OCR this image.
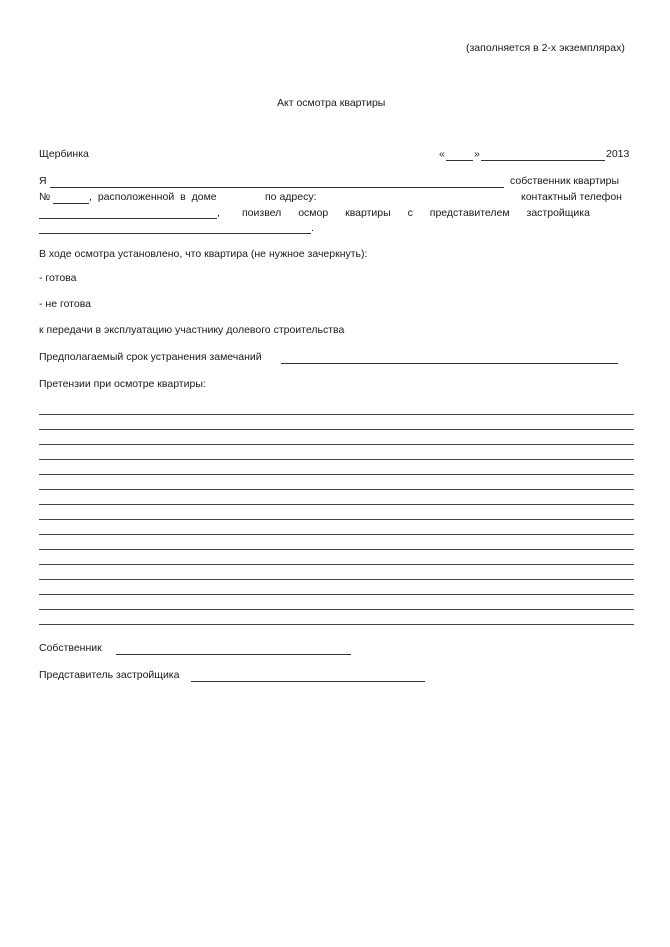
(заполняется в 2-х экземплярах)
Акт осмотра квартиры
Щербинка	«	»	2013
Я	собственник квартиры
№	, расположенной в доме	по адресу:	контактный телефон
, поизвел осмор квартиры с представителем застройщика
.
В ходе осмотра установлено, что квартира (не нужное зачеркнуть):
- готова
- не готова
к передачи в эксплуатацию участнику долевого строительства
Предполагаемый срок устранения замечаний
Претензии при осмотре квартиры:
Собственник
Представитель застройщика
